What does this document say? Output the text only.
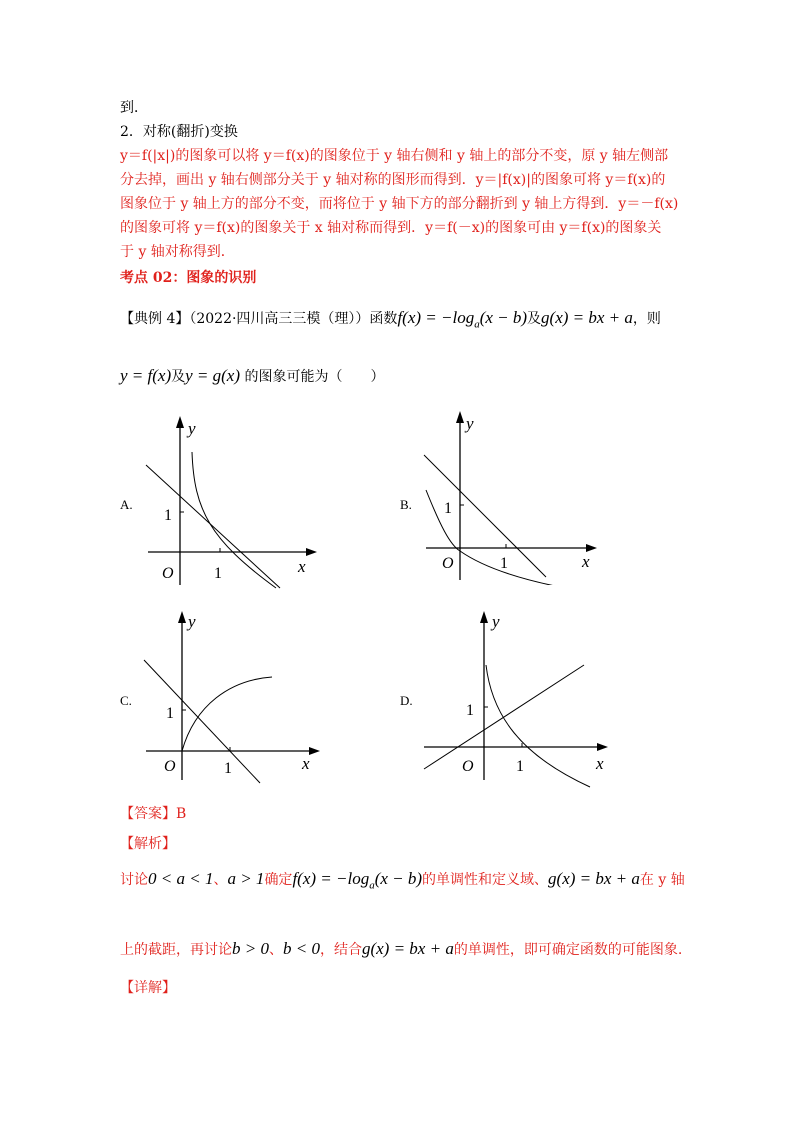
到．
2．对称(翻折)变换
y＝f(|x|)的图象可以将 y＝f(x)的图象位于 y 轴右侧和 y 轴上的部分不变，原 y 轴左侧部
分去掉，画出 y 轴右侧部分关于 y 轴对称的图形而得到．y＝|f(x)|的图象可将 y＝f(x)的
图象位于 y 轴上方的部分不变，而将位于 y 轴下方的部分翻折到 y 轴上方得到．y＝－f(x)
的图象可将 y＝f(x)的图象关于 x 轴对称而得到．y＝f(－x)的图象可由 y＝f(x)的图象关
于 y 轴对称得到．
考点 02：图象的识别
【典例 4】（2022·四川高三三模（理））函数$f(x) = -\log_a(x - b)$及g(x) = bx + a，则
y = f(x)及y = g(x) 的图象可能为（　　）
A.
y
x
O	1
1
B.
y
x
O	1
1
C.
y
x
O	1
1
D.
y
x
O	1
1
【答案】B
【解析】
讨论0 < a < 1、a > 1确定$f(x) = -\log_a(x - b)$的单调性和定义域、g(x) = bx + a在 y 轴
上的截距，再讨论b > 0、b < 0，结合g(x) = bx + a的单调性，即可确定函数的可能图象.
【详解】
